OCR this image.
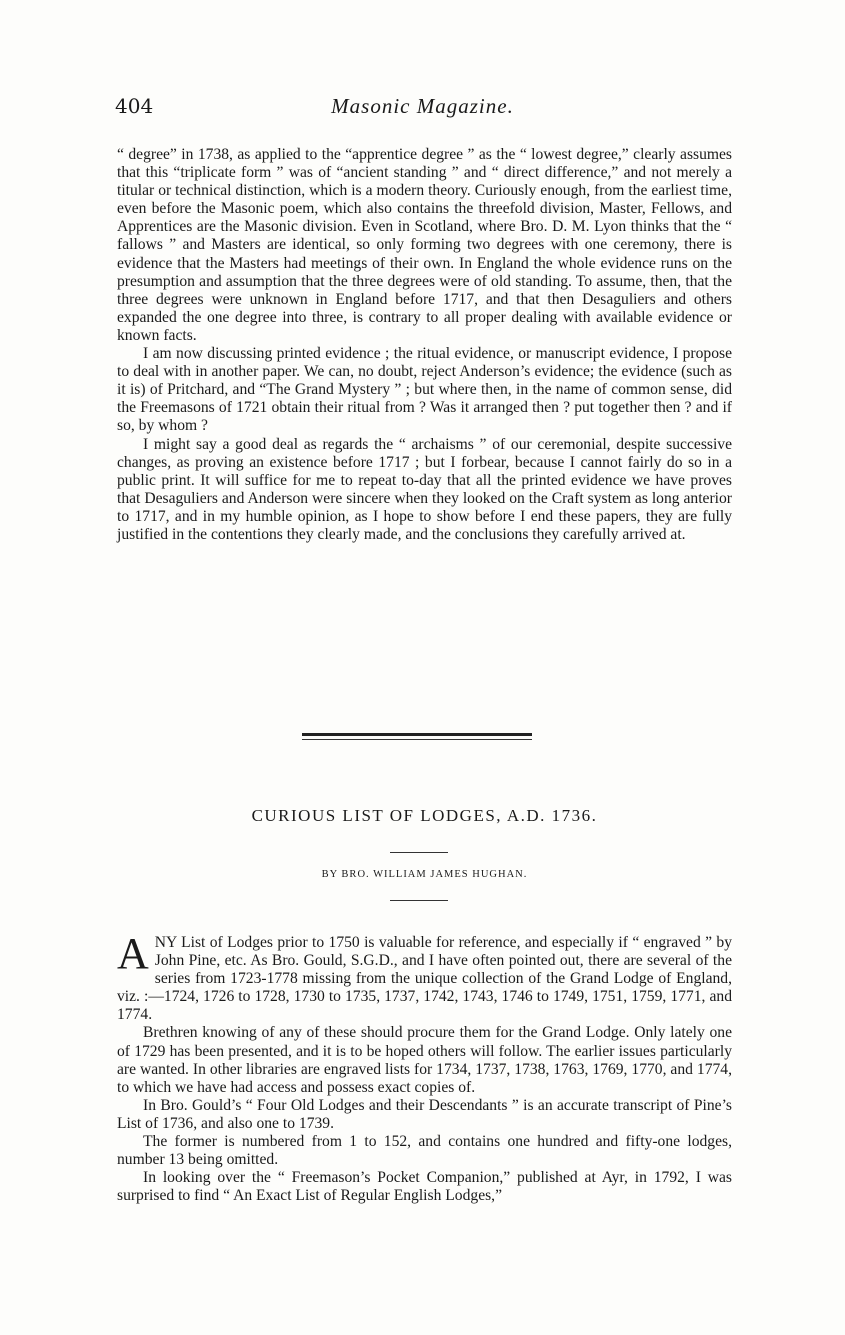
404	Masonic Magazine.

“ degree” in 1738, as applied to the “apprentice degree ” as the “ lowest degree,” clearly assumes that this “triplicate form ” was of “ancient standing ” and “ direct difference,” and not merely a titular or technical distinction, which is a modern theory. Curiously enough, from the earliest time, even before the Masonic poem, which also contains the threefold division, Master, Fellows, and Apprentices are the Masonic division. Even in Scotland, where Bro. D. M. Lyon thinks that the “ fallows ” and Masters are identical, so only forming two degrees with one ceremony, there is evidence that the Masters had meetings of their own. In England the whole evidence runs on the presumption and assumption that the three degrees were of old standing. To assume, then, that the three degrees were unknown in England before 1717, and that then Desaguliers and others expanded the one degree into three, is contrary to all proper dealing with available evidence or known facts.

I am now discussing printed evidence ; the ritual evidence, or manuscript evidence, I propose to deal with in another paper. We can, no doubt, reject Anderson’s evidence; the evidence (such as it is) of Pritchard, and “The Grand Mystery ” ; but where then, in the name of common sense, did the Freemasons of 1721 obtain their ritual from ? Was it arranged then ? put together then ? and if so, by whom ?

I might say a good deal as regards the “ archaisms ” of our ceremonial, despite successive changes, as proving an existence before 1717 ; but I forbear, because I cannot fairly do so in a public print. It will suffice for me to repeat to-day that all the printed evidence we have proves that Desaguliers and Anderson were sincere when they looked on the Craft system as long anterior to 1717, and in my humble opinion, as I hope to show before I end these papers, they are fully justified in the contentions they clearly made, and the conclusions they carefully arrived at.

CURIOUS LIST OF LODGES, A.D. 1736.
BY BRO. WILLIAM JAMES HUGHAN.

ANY List of Lodges prior to 1750 is valuable for reference, and especially if “ engraved ” by John Pine, etc. As Bro. Gould, S.G.D., and I have often pointed out, there are several of the series from 1723-1778 missing from the unique collection of the Grand Lodge of England, viz. :—1724, 1726 to 1728, 1730 to 1735, 1737, 1742, 1743, 1746 to 1749, 1751, 1759, 1771, and 1774.

Brethren knowing of any of these should procure them for the Grand Lodge. Only lately one of 1729 has been presented, and it is to be hoped others will follow. The earlier issues particularly are wanted. In other libraries are engraved lists for 1734, 1737, 1738, 1763, 1769, 1770, and 1774, to which we have had access and possess exact copies of.

In Bro. Gould’s “ Four Old Lodges and their Descendants ” is an accurate transcript of Pine’s List of 1736, and also one to 1739.

The former is numbered from 1 to 152, and contains one hundred and fifty-one lodges, number 13 being omitted.

In looking over the “ Freemason’s Pocket Companion,” published at Ayr, in 1792, I was surprised to find “ An Exact List of Regular English Lodges,”
